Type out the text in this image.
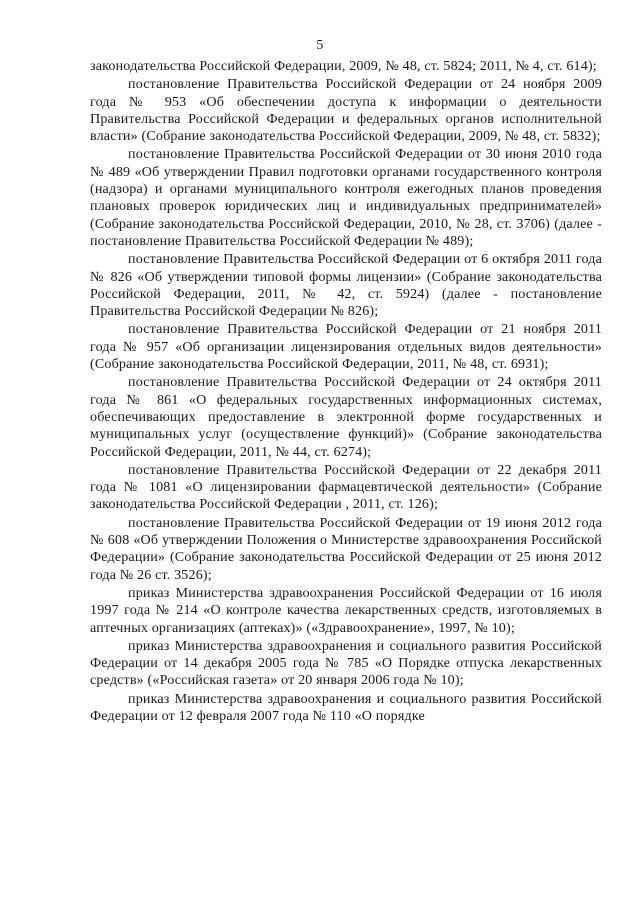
5

законодательства Российской Федерации, 2009, № 48, ст. 5824; 2011, № 4, ст. 614);

постановление Правительства Российской Федерации от 24 ноября 2009 года № 953 «Об обеспечении доступа к информации о деятельности Правительства Российской Федерации и федеральных органов исполнительной власти» (Собрание законодательства Российской Федерации, 2009, № 48, ст. 5832);

постановление Правительства Российской Федерации от 30 июня 2010 года № 489 «Об утверждении Правил подготовки органами государственного контроля (надзора) и органами муниципального контроля ежегодных планов проведения плановых проверок юридических лиц и индивидуальных предпринимателей» (Собрание законодательства Российской Федерации, 2010, № 28, ст. 3706) (далее - постановление Правительства Российской Федерации № 489);

постановление Правительства Российской Федерации от 6 октября 2011 года № 826 «Об утверждении типовой формы лицензии» (Собрание законодательства Российской Федерации, 2011, № 42, ст. 5924) (далее - постановление Правительства Российской Федерации № 826);

постановление Правительства Российской Федерации от 21 ноября 2011 года № 957 «Об организации лицензирования отдельных видов деятельности» (Собрание законодательства Российской Федерации, 2011, № 48, ст. 6931);

постановление Правительства Российской Федерации от 24 октября 2011 года № 861 «О федеральных государственных информационных системах, обеспечивающих предоставление в электронной форме государственных и муниципальных услуг (осуществление функций)» (Собрание законодательства Российской Федерации, 2011, № 44, ст. 6274);

постановление Правительства Российской Федерации от 22 декабря 2011 года № 1081 «О лицензировании фармацевтической деятельности» (Собрание законодательства Российской Федерации , 2011, ст. 126);

постановление Правительства Российской Федерации от 19 июня 2012 года № 608 «Об утверждении Положения о Министерстве здравоохранения Российской Федерации» (Собрание законодательства Российской Федерации от 25 июня 2012 года № 26 ст. 3526);

приказ Министерства здравоохранения Российской Федерации от 16 июля 1997 года № 214 «О контроле качества лекарственных средств, изготовляемых в аптечных организациях (аптеках)» («Здравоохранение», 1997, № 10);

приказ Министерства здравоохранения и социального развития Российской Федерации от 14 декабря 2005 года № 785 «О Порядке отпуска лекарственных средств» («Российская газета» от 20 января 2006 года № 10);

приказ Министерства здравоохранения и социального развития Российской Федерации от 12 февраля 2007 года № 110 «О порядке
